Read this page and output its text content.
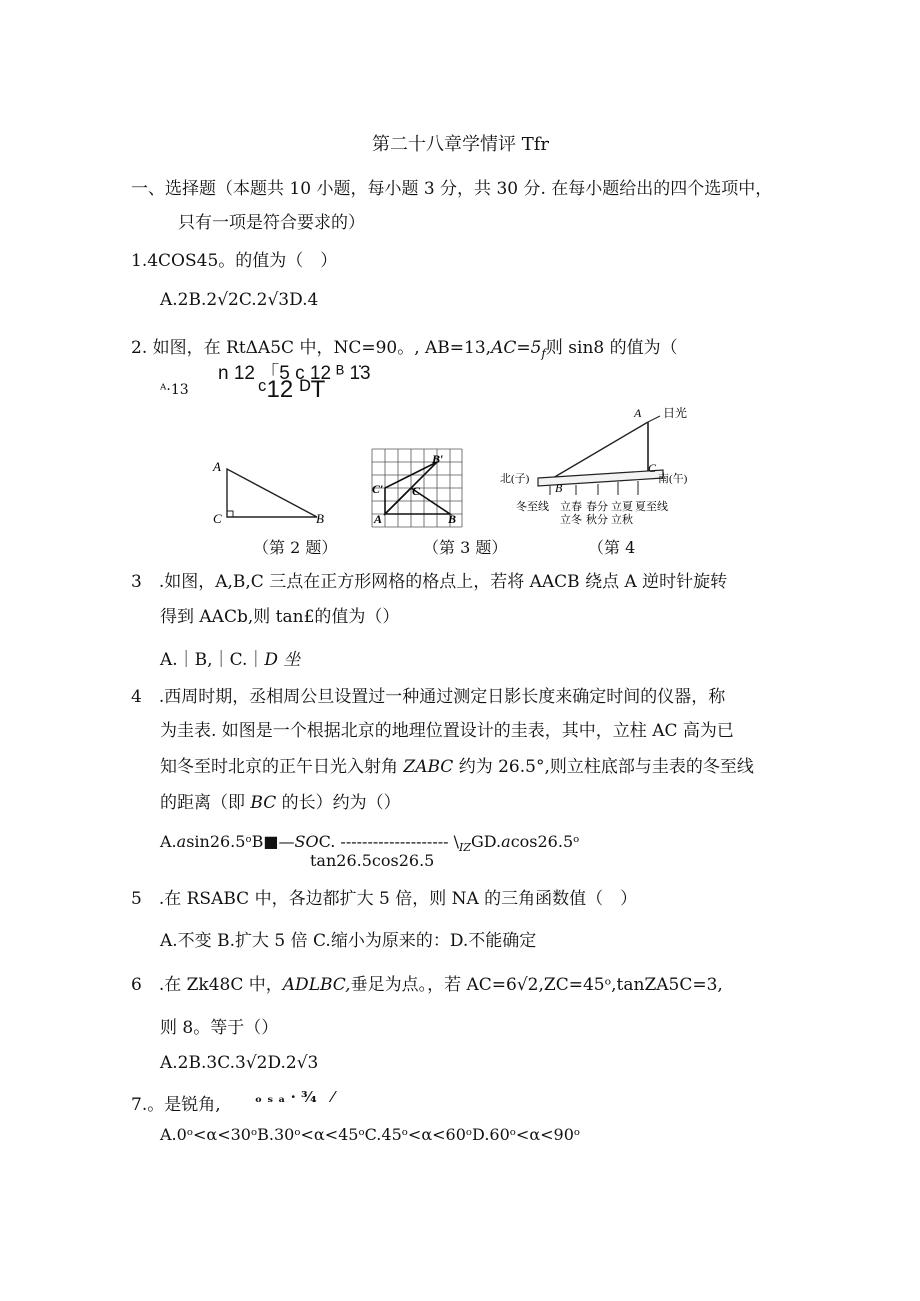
第二十八章学情评 Tfr
一、选择题（本题共 10 小题，每小题 3 分，共 30 分. 在每小题给出的四个选项中，
只有一项是符合要求的）
1.4COS45。的值为（　）
A.2B.2√2C.2√3D.4
2. 如图，在 RtΔA5C 中，NC=90。, $AB=13,AC=5_f$则 sin8 的值为（
n 12 「5 c 12 ᴮ 1̇3
ᴬ·13	ᶜ12 ᴰT
A
C	B
（第 2 题）
A	B
C
B′
C′
（第 3 题）
A 日光
C
B
北(子)	南(午)
冬至线 立春 春分 立夏 夏至线
立冬 秋分 立秋
（第 4
3　.如图，A,B,C 三点在正方形网格的格点上，若将 AACB 绕点 A 逆时针旋转
得到 AACb,则 tan£的值为（）
A.｜B,｜C.｜D 坐
4　.西周时期，丞相周公旦设置过一种通过测定日影长度来确定时间的仪器，称
为圭表. 如图是一个根据北京的地理位置设计的圭表，其中，立柱 AC 高为已
知冬至时北京的正午日光入射角 ZABC 约为 26.5°,则立柱底部与圭表的冬至线
的距离（即 BC 的长）约为（）
A.asin26.5ᵒB■—SOC. -------------------- $\backslash_{IZ}GD.acos26.5ᵒ$
tan26.5cos26.5
5　.在 RSABC 中，各边都扩大 5 倍，则 NA 的三角函数值（　）
A.不变 B.扩大 5 倍 C.缩小为原来的：D.不能确定
6　.在 Zk48C 中，ADLBC,垂足为点。，若 AC=6√2,ZC=45ᵒ,tanZA5C=3,
则 8。等于（）
A.2B.3C.3√2D.2√3
7.。是锐角, ₒ ₛ ₐ · ³⁄₄　⁄
A.0ᵒ<α<30ᵒB.30ᵒ<α<45ᵒC.45ᵒ<α<60ᵒD.60ᵒ<α<90ᵒ
